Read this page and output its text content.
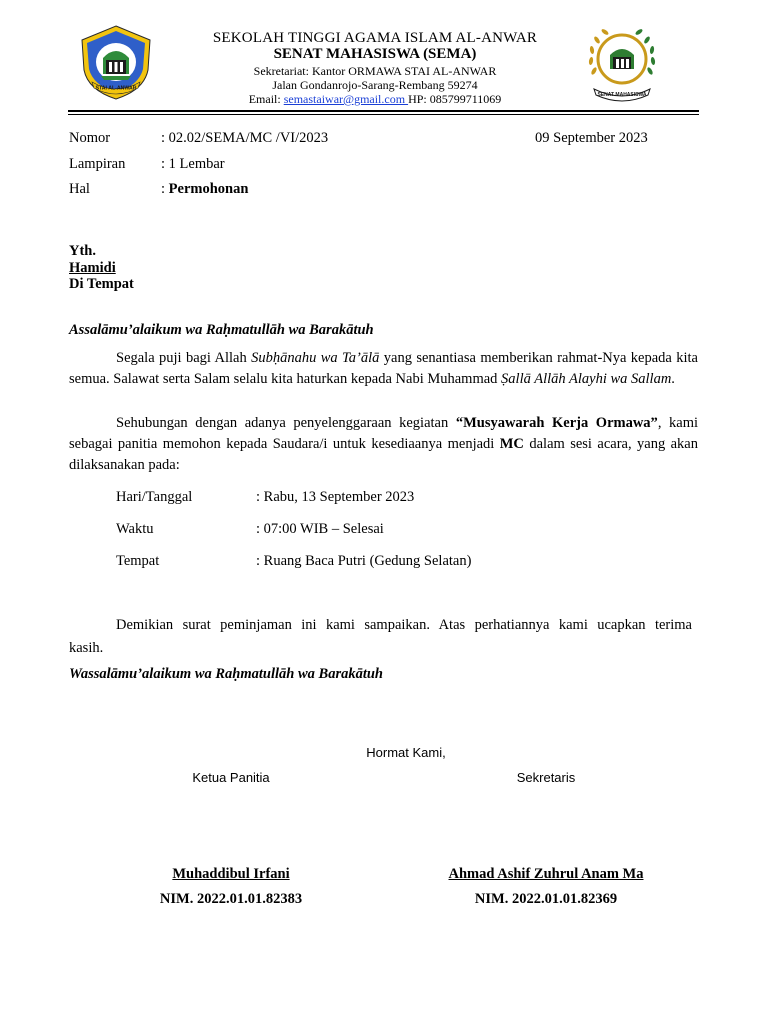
STAI AL-ANWAR
SENAT MAHASISWA
SEKOLAH TINGGI AGAMA ISLAM AL-ANWAR
SENAT MAHASISWA (SEMA)
Sekretariat: Kantor ORMAWA STAI AL-ANWAR
Jalan Gondanrojo-Sarang-Rembang 59274
Email: semastaiwar@gmail.com HP: 085799711069
Nomor	: 02.02/SEMA/MC /VI/2023	09 September 2023
Lampiran : 1 Lembar
Hal	: Permohonan
Yth.
Hamidi
Di Tempat
Assalāmu’alaikum wa Raḥmatullāh wa Barakātuh
Segala puji bagi Allah Subḥānahu wa Ta’ālā yang senantiasa memberikan rahmat-Nya kepada kita semua. Salawat serta Salam selalu kita haturkan kepada Nabi Muhammad Ṣallā Allāh Alayhi wa Sallam.
Sehubungan dengan adanya penyelenggaraan kegiatan “Musyawarah Kerja Ormawa”, kami sebagai panitia memohon kepada Saudara/i untuk kesediaanya menjadi MC dalam sesi acara, yang akan dilaksanakan pada:
Hari/Tanggal	: Rabu, 13 September 2023
Waktu	: 07:00 WIB – Selesai
Tempat	: Ruang Baca Putri (Gedung Selatan)
Demikian surat peminjaman ini kami sampaikan. Atas perhatiannya kami ucapkan terima
kasih.
Wassalāmu’alaikum wa Raḥmatullāh wa Barakātuh
Hormat Kami,
Ketua Panitia	Sekretaris
Muhaddibul Irfani	Ahmad Ashif Zuhrul Anam Ma
NIM. 2022.01.01.82383	NIM. 2022.01.01.82369
